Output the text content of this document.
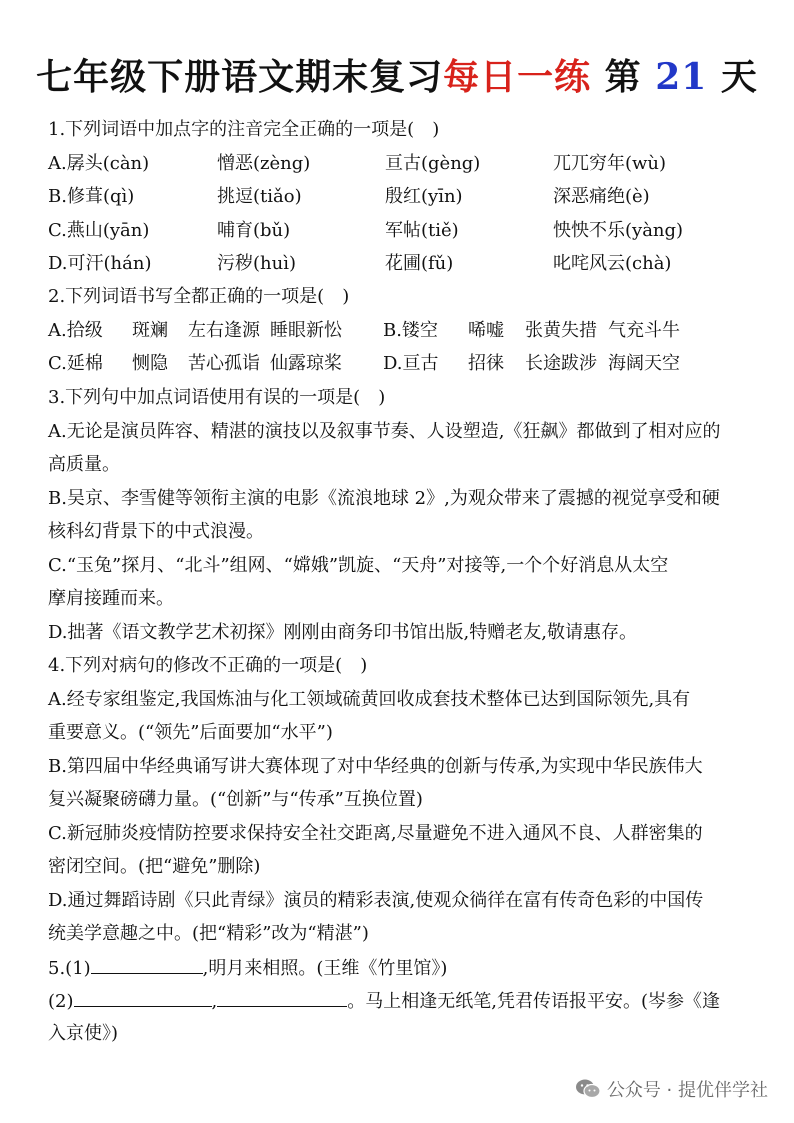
七年级下册语文期末复习每日一练 第 21 天
1.下列词语中加点字的注音完全正确的一项是(　)
A.孱头(càn)	憎恶(zèng)	亘古(gèng)	兀兀穷年(wù)
B.修葺(qì)	挑逗(tiǎo)	殷红(yīn)	深恶痛绝(è)
C.燕山(yān)	哺育(bǔ)	军帖(tiě)	怏怏不乐(yàng)
D.可汗(hán)	污秽(huì)	花圃(fǔ)	叱咤风云(chà)
2.下列词语书写全都正确的一项是(　)
A.拾级 斑斓 左右逢源 睡眼新忪 B.镂空 唏嘘 张黄失措 气充斗牛
C.延棉 恻隐 苦心孤诣 仙露琼桨 D.亘古 招徕 长途跋涉 海阔天空
3.下列句中加点词语使用有误的一项是(　)
A.无论是演员阵容、精湛的演技以及叙事节奏、人设塑造,《狂飙》都做到了相对应的
高质量。
B.吴京、李雪健等领衔主演的电影《流浪地球 2》,为观众带来了震撼的视觉享受和硬
核科幻背景下的中式浪漫。
C.“玉兔”探月、“北斗”组网、“嫦娥”凯旋、“天舟”对接等,一个个好消息从太空
摩肩接踵而来。
D.拙著《语文教学艺术初探》刚刚由商务印书馆出版,特赠老友,敬请惠存。
4.下列对病句的修改不正确的一项是(　)
A.经专家组鉴定,我国炼油与化工领域硫黄回收成套技术整体已达到国际领先,具有
重要意义。(“领先”后面要加“水平”)
B.第四届中华经典诵写讲大赛体现了对中华经典的创新与传承,为实现中华民族伟大
复兴凝聚磅礴力量。(“创新”与“传承”互换位置)
C.新冠肺炎疫情防控要求保持安全社交距离,尽量避免不进入通风不良、人群密集的
密闭空间。(把“避免”删除)
D.通过舞蹈诗剧《只此青绿》演员的精彩表演,使观众徜徉在富有传奇色彩的中国传
统美学意趣之中。(把“精彩”改为“精湛”)
5.(1)	,明月来相照。(王维《竹里馆》)
(2)	,	。马上相逢无纸笔,凭君传语报平安。(岑参《逢
入京使》)
公众号 · 提优伴学社
